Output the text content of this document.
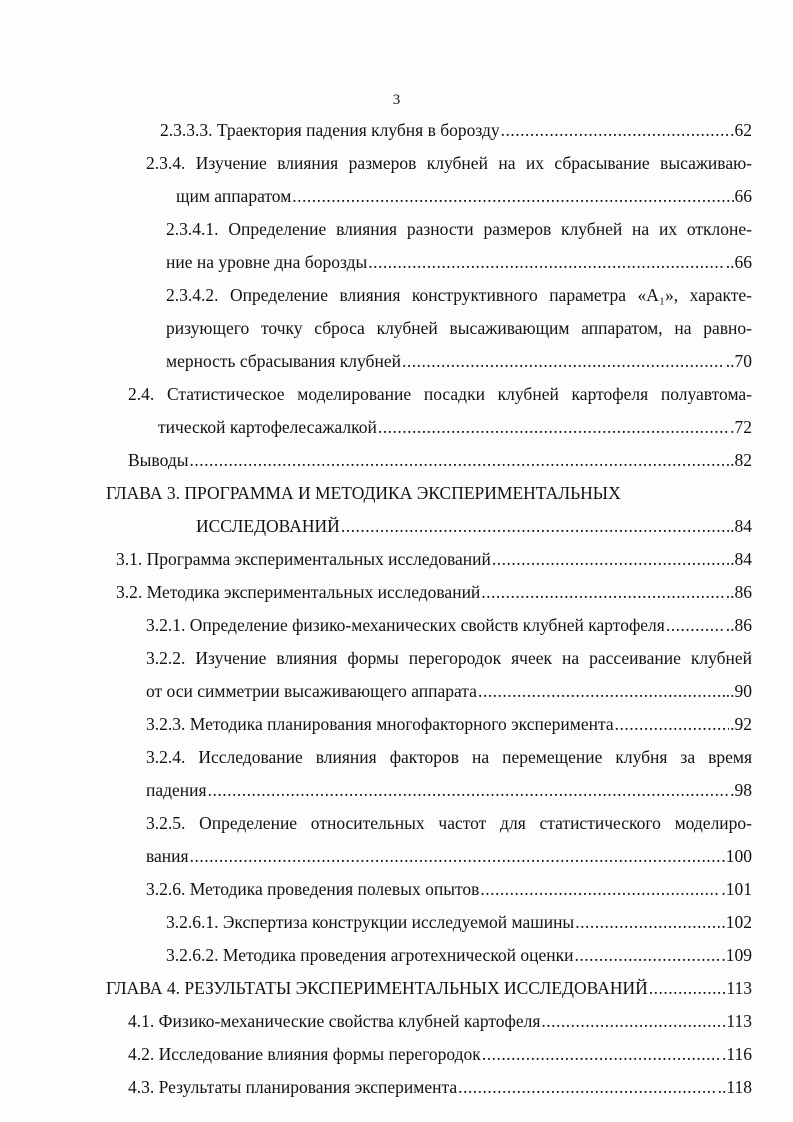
3
2.3.3.3. Траектория падения клубня в борозду .....	.62
2.3.4. Изучение влияния размеров клубней на их сбрасывание высаживаю-
щим аппаратом .....	66
2.3.4.1. Определение влияния разности размеров клубней на их отклоне-
ние на уровне дна борозды .....	..66
2.3.4.2. Определение влияния конструктивного параметра «А₁», характе-
ризующего точку сброса клубней высаживающим аппаратом, на равно-
мерность сбрасывания клубней .....	..70
2.4. Статистическое моделирование посадки клубней картофеля полуавтома-
тической картофелесажалкой .....	.72
Выводы .....	..82
ГЛАВА 3. ПРОГРАММА И МЕТОДИКА ЭКСПЕРИМЕНТАЛЬНЫХ
ИССЛЕДОВАНИЙ .....	.84
3.1. Программа экспериментальных исследований .....	.84
3.2. Методика экспериментальных исследований .....	..86
3.2.1. Определение физико-механических свойств клубней картофеля .....	..86
3.2.2. Изучение влияния формы перегородок ячеек на рассеивание клубней
от оси симметрии высаживающего аппарата .....	..90
3.2.3. Методика планирования многофакторного эксперимента .....	.92
3.2.4. Исследование влияния факторов на перемещение клубня за время
падения .....	.98
3.2.5. Определение относительных частот для статистического моделиро-
вания .....	.100
3.2.6. Методика проведения полевых опытов .....	.101
3.2.6.1. Экспертиза конструкции исследуемой машины .....	.102
3.2.6.2. Методика проведения агротехнической оценки .....	.109
ГЛАВА 4. РЕЗУЛЬТАТЫ ЭКСПЕРИМЕНТАЛЬНЫХ ИССЛЕДОВАНИЙ .....	113
4.1. Физико-механические свойства клубней картофеля .....	.113
4.2. Исследование влияния формы перегородок .....	.116
4.3. Результаты планирования эксперимента .....	..118
